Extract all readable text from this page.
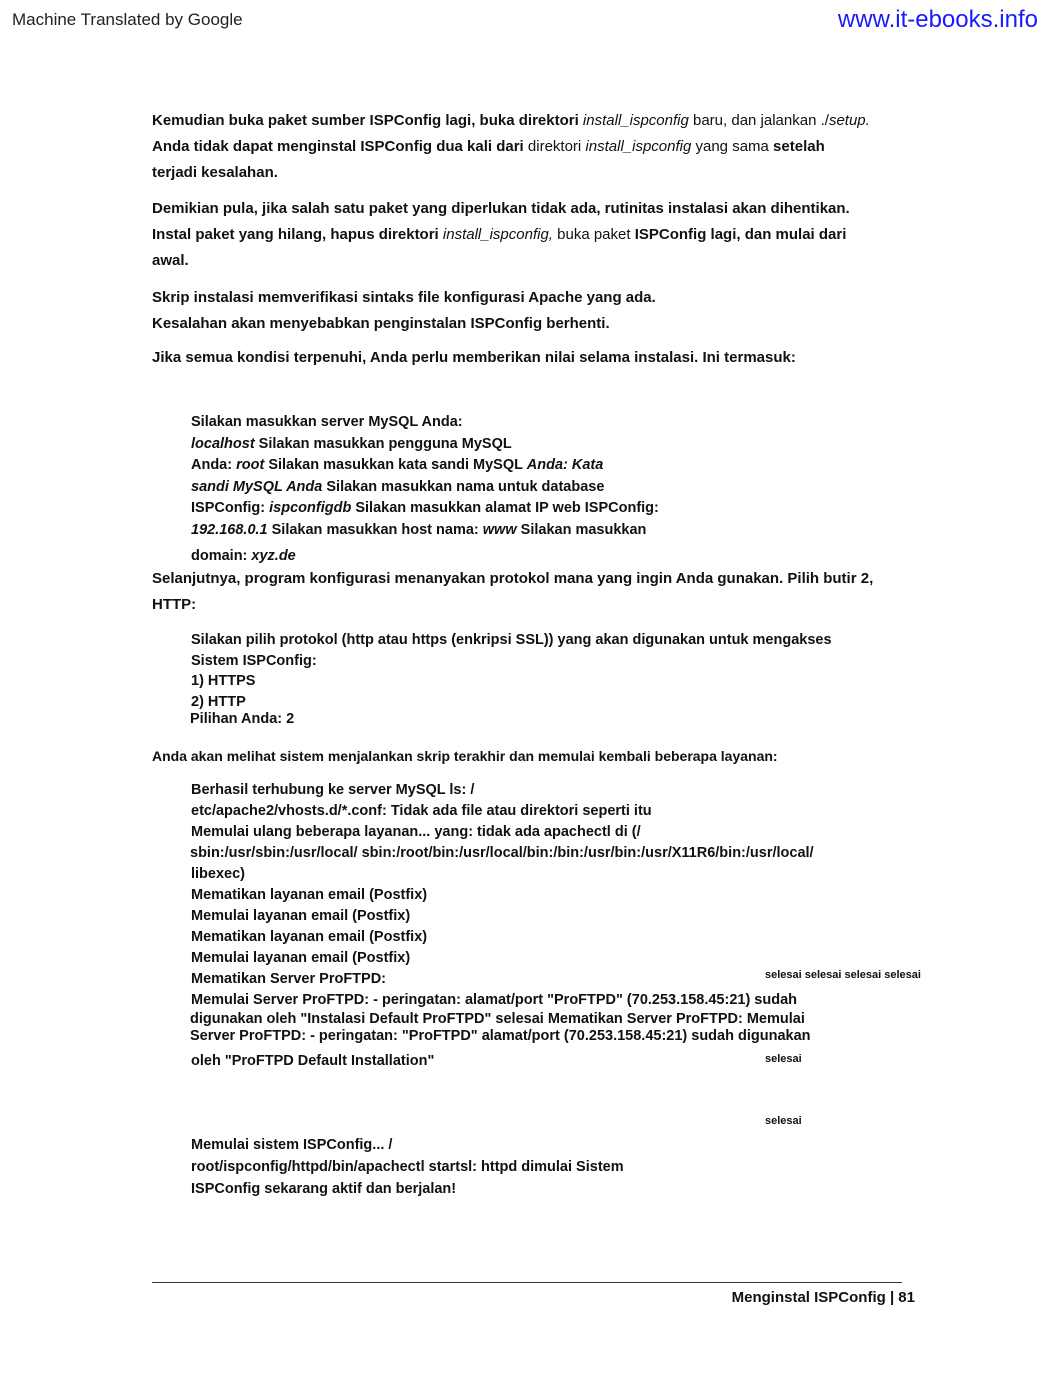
Machine Translated by Google	www.it-ebooks.info
Kemudian buka paket sumber ISPConfig lagi, buka direktori install_ispconfig baru, dan jalankan ./setup.
Anda tidak dapat menginstal ISPConfig dua kali dari direktori install_ispconfig yang sama setelah
terjadi kesalahan.
Demikian pula, jika salah satu paket yang diperlukan tidak ada, rutinitas instalasi akan dihentikan.
Instal paket yang hilang, hapus direktori install_ispconfig, buka paket ISPConfig lagi, dan mulai dari
awal.
Skrip instalasi memverifikasi sintaks file konfigurasi Apache yang ada.
Kesalahan akan menyebabkan penginstalan ISPConfig berhenti.
Jika semua kondisi terpenuhi, Anda perlu memberikan nilai selama instalasi. Ini termasuk:
Silakan masukkan server MySQL Anda:
localhost Silakan masukkan pengguna MySQL
Anda: root Silakan masukkan kata sandi MySQL Anda: Kata
sandi MySQL Anda Silakan masukkan nama untuk database
ISPConfig: ispconfigdb Silakan masukkan alamat IP web ISPConfig:
192.168.0.1 Silakan masukkan host nama: www Silakan masukkan
domain: xyz.de
Selanjutnya, program konfigurasi menanyakan protokol mana yang ingin Anda gunakan. Pilih butir 2,
HTTP:
Silakan pilih protokol (http atau https (enkripsi SSL)) yang akan digunakan untuk mengakses
Sistem ISPConfig:
1) HTTPS
2) HTTP
Pilihan Anda: 2
Anda akan melihat sistem menjalankan skrip terakhir dan memulai kembali beberapa layanan:
Berhasil terhubung ke server MySQL ls: /
etc/apache2/vhosts.d/*.conf: Tidak ada file atau direktori seperti itu
Memulai ulang beberapa layanan... yang: tidak ada apachectl di (/
sbin:/usr/sbin:/usr/local/ sbin:/root/bin:/usr/local/bin:/bin:/usr/bin:/usr/X11R6/bin:/usr/local/
libexec)
Mematikan layanan email (Postfix)
Memulai layanan email (Postfix)
Mematikan layanan email (Postfix)
Memulai layanan email (Postfix)
Mematikan Server ProFTPD:
Memulai Server ProFTPD: - peringatan: alamat/port "ProFTPD" (70.253.158.45:21) sudah
digunakan oleh "Instalasi Default ProFTPD" selesai Mematikan Server ProFTPD: Memulai
Server ProFTPD: - peringatan: "ProFTPD" alamat/port (70.253.158.45:21) sudah digunakan
oleh "ProFTPD Default Installation"
selesai selesai selesai selesai
selesai
selesai
Memulai sistem ISPConfig... /
root/ispconfig/httpd/bin/apachectl startsl: httpd dimulai Sistem
ISPConfig sekarang aktif dan berjalan!
Menginstal ISPConfig | 81
